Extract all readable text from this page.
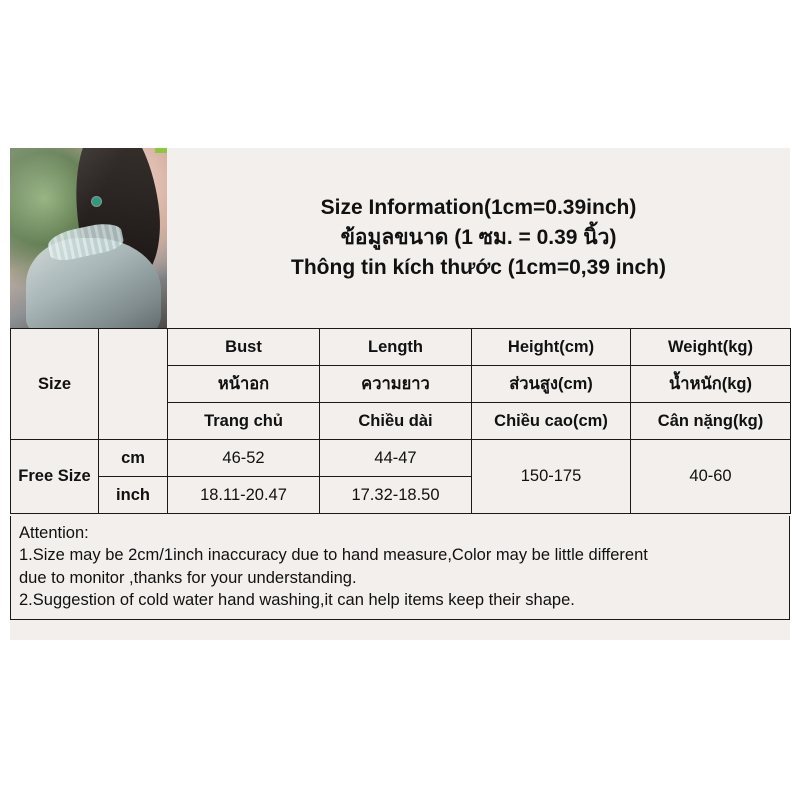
Size Information(1cm=0.39inch)
ข้อมูลขนาด (1 ซม. = 0.39 นิ้ว)
Thông tin kích thước (1cm=0,39 inch)
Size		Bust	Length	Height(cm)	Weight(kg)
		หน้าอก	ความยาว	ส่วนสูง(cm)	น้ำหนัก(kg)
		Trang chủ	Chiều dài	Chiều cao(cm)	Cân nặng(kg)
Free Size	cm	46-52	44-47	150-175	40-60
	inch	18.11-20.47	17.32-18.50		

Attention:

1.Size may be 2cm/1inch inaccuracy due to hand measure,Color may be little different

due to monitor ,thanks for your understanding.

2.Suggestion of cold water hand washing,it can help items keep their shape.
